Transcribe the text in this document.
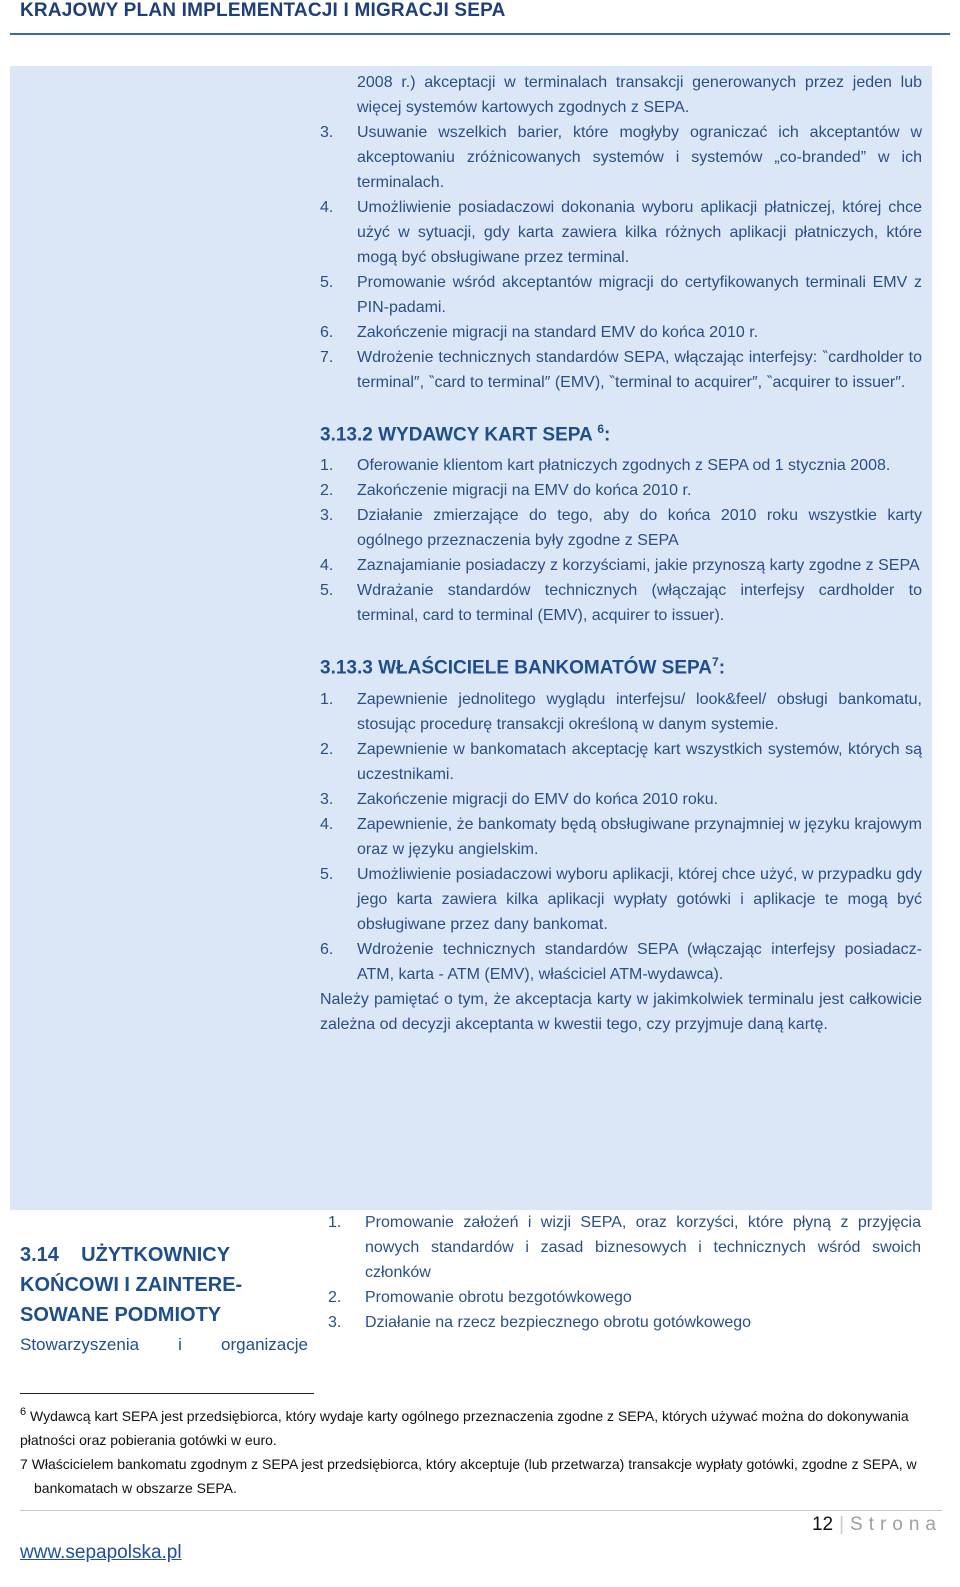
KRAJOWY PLAN IMPLEMENTACJI I MIGRACJI SEPA
2008 r.) akceptacji w terminalach transakcji generowanych przez jeden lub więcej systemów kartowych zgodnych z SEPA.
3.	Usuwanie wszelkich barier, które mogłyby ograniczać ich akceptantów w akceptowaniu zróżnicowanych systemów i systemów „co-branded” w ich terminalach.
4.	Umożliwienie posiadaczowi dokonania wyboru aplikacji płatniczej, której chce użyć w sytuacji, gdy karta zawiera kilka różnych aplikacji płatniczych, które mogą być obsługiwane przez terminal.
5.	Promowanie wśród akceptantów migracji do certyfikowanych terminali EMV z PIN-padami.
6.	Zakończenie migracji na standard EMV do końca 2010 r.
7.	Wdrożenie technicznych standardów SEPA, włączając interfejsy: ‶cardholder to terminal″, ‶card to terminal″ (EMV), ‶terminal to acquirer″, ‶acquirer to issuer″.
3.13.2 WYDAWCY KART SEPA $^6$:
1.	Oferowanie klientom kart płatniczych zgodnych z SEPA od 1 stycznia 2008.
2.	Zakończenie migracji na EMV do końca 2010 r.
3.	Działanie zmierzające do tego, aby do końca 2010 roku wszystkie karty ogólnego przeznaczenia były zgodne z SEPA
4.	Zaznajamianie posiadaczy z korzyściami, jakie przynoszą karty zgodne z SEPA
5.	Wdrażanie standardów technicznych (włączając interfejsy cardholder to terminal, card to terminal (EMV), acquirer to issuer).
3.13.3 WŁAŚCICIELE BANKOMATÓW SEPA$^7$:
1.	Zapewnienie jednolitego wyglądu interfejsu/ look&feel/ obsługi bankomatu, stosując procedurę transakcji określoną w danym systemie.
2.	Zapewnienie w bankomatach akceptację kart wszystkich systemów, których są uczestnikami.
3.	Zakończenie migracji do EMV do końca 2010 roku.
4.	Zapewnienie, że bankomaty będą obsługiwane przynajmniej w języku krajowym oraz w języku angielskim.
5.	Umożliwienie posiadaczowi wyboru aplikacji, której chce użyć, w przypadku gdy jego karta zawiera kilka aplikacji wypłaty gotówki i aplikacje te mogą być obsługiwane przez dany bankomat.
6.	Wdrożenie technicznych standardów SEPA (włączając interfejsy posiadacz- ATM, karta - ATM (EMV), właściciel ATM-wydawca).
Należy pamiętać o tym, że akceptacja karty w jakimkolwiek terminalu jest całkowicie zależna od decyzji akceptanta w kwestii tego, czy przyjmuje daną kartę.
3.14    UŻYTKOWNICY
KOŃCOWI I ZAINTERE-
SOWANE PODMIOTY
Stowarzyszenia i organizacje
1.	Promowanie założeń i wizji SEPA, oraz korzyści, które płyną z przyjęcia nowych standardów i zasad biznesowych i technicznych wśród swoich członków
2.	Promowanie obrotu bezgotówkowego
3.	Działanie na rzecz bezpiecznego obrotu gotówkowego
$^6$ Wydawcą kart SEPA jest przedsiębiorca, który wydaje karty ogólnego przeznaczenia zgodne z SEPA, których używać można do dokonywania płatności oraz pobierania gotówki w euro.
7 Właścicielem bankomatu zgodnym z SEPA jest przedsiębiorca, który akceptuje (lub przetwarza) transakcje wypłaty gotówki, zgodne z SEPA, w bankomatach w obszarze SEPA.
12 | Strona
www.sepapolska.pl
